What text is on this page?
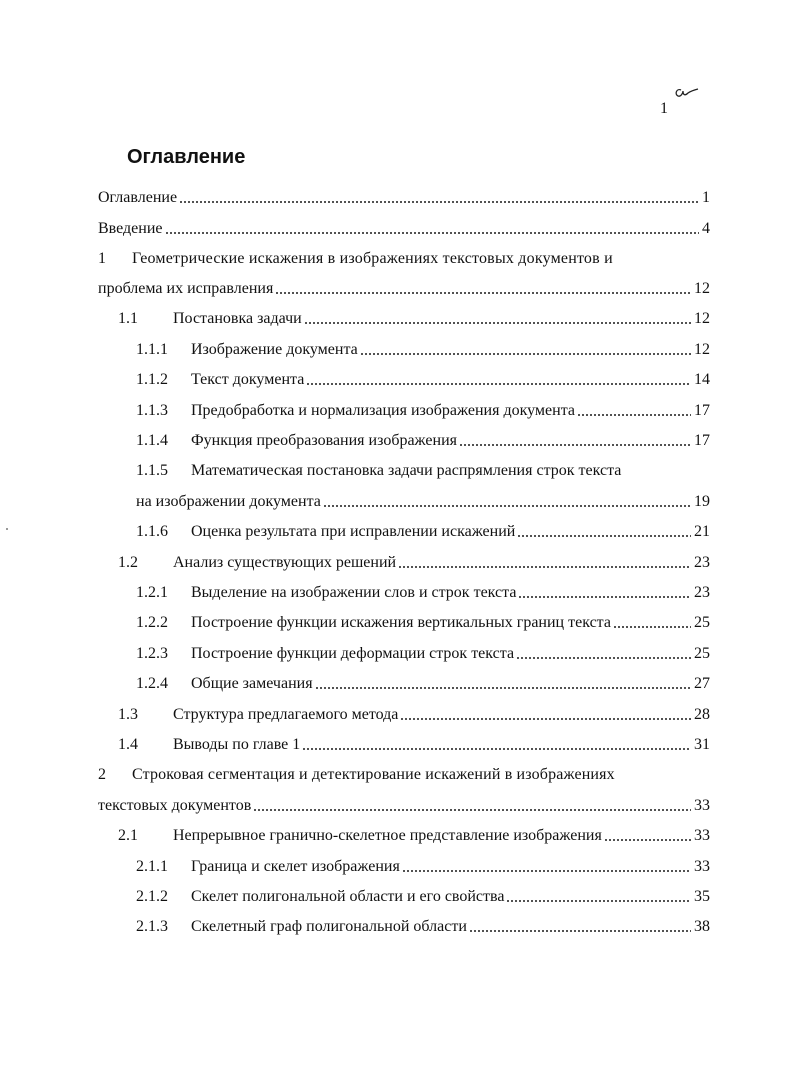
1
Оглавление
Оглавление	1
Введение	4
1	Геометрические искажения в изображениях текстовых документов и
проблема их исправления	12
1.1	Постановка задачи	12
1.1.1	Изображение документа	12
1.1.2	Текст документа	14
1.1.3	Предобработка и нормализация изображения документа	17
1.1.4	Функция преобразования изображения	17
1.1.5	Математическая постановка задачи распрямления строк текста
на изображении документа	19
1.1.6	Оценка результата при исправлении искажений	21
1.2	Анализ существующих решений	23
1.2.1	Выделение на изображении слов и строк текста	23
1.2.2	Построение функции искажения вертикальных границ текста	25
1.2.3	Построение функции деформации строк текста	25
1.2.4	Общие замечания	27
1.3	Структура предлагаемого метода	28
1.4	Выводы по главе 1	31
2	Строковая сегментация и детектирование искажений в изображениях
текстовых документов	33
2.1	Непрерывное гранично-скелетное представление изображения	33
2.1.1	Граница и скелет изображения	33
2.1.2	Скелет полигональной области и его свойства	35
2.1.3	Скелетный граф полигональной области	38
